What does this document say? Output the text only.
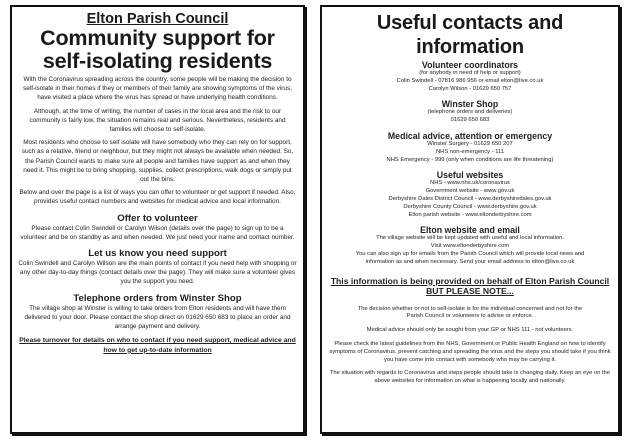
Elton Parish Council
Community support for
self-isolating residents

With the Coronavirus spreading across the country, some people will be making the decision to self-isolate in their homes if they or members of their family are showing symptoms of the virus, have visited a place where the virus has spread or have underlying health conditions.

Although, at the time of writing, the number of cases in the local area and the risk to our community is fairly low, the situation remains real and serious. Nevertheless, residents and families will choose to self-isolate.

Most residents who choose to self isolate will have somebody who they can rely on for support, such as a relative, friend or neighbour, but they might not always be available when needed. So, the Parish Council wants to make sure all people and families have support as and when they need it. This might be to bring shopping, supplies, collect prescriptions, walk dogs or simply put out the bins.

Below and over the page is a list of ways you can offer to volunteer or get support if needed. Also, provides useful contact numbers and websites for medical advice and local information.

Offer to volunteer

Please contact Colin Swindell or Carolyn Wilson (details over the page) to sign up to be a volunteer and be on standby as and when needed. We just need your name and contact number.

Let us know you need support

Colin Swindell and Carolyn Wilson are the main points of contact if you need help with shopping or any other day-to-day things (contact details over the page). They will make sure a volunteer gives you the support you need.

Telephone orders from Winster Shop

The village shop at Winster is willing to take orders from Elton residents and will have them delivered to your door. Please contact the shop direct on 01629 650 683 to place an order and arrange payment and delivery.

Please turnover for details on who to contact if you need support, medical advice and how to get up-to-date information
Useful contacts and information
Volunteer coordinators
(for anybody in need of help or support)
Colin Swindell - 07816 986 956 or email elton@live.co.uk
Carolyn Wilson - 01629 650 757
Winster Shop
(telephone orders and deliveries)
01629 650 683
Medical advice, attention or emergency
Winster Surgery - 01629 650 207
NHS non-emergency - 111
NHS Emergency - 999 (only when conditions are life threatening)
Useful websites
NHS - www.nhs.uk/coronavirus
Government website - www.gov.uk
Derbyshire Dales District Council - www.derbyshiredales.gov.uk
Derbyshire County Council - www.derbyshire.gov.uk
Elton parish website - www.eltonderbyshire.com
Elton website and email
The village website will be kept updated with useful and local information.
Visit www.eltonderbyshire.com
You can also sign up for emails from the Parish Council which will provide local news and
information as and when necessary. Send your email address to elton@live.co.uk
This information is being provided on behalf of Elton Parish Council
BUT PLEASE NOTE...

The decision whether or not to self-isolate is for the individual concerned and not for the Parish Council or volunteers to advise or enforce.

Medical advice should only be sought from your GP or NHS 111 - not volunteers.

Please check the latest guidelines from the NHS, Government or Public Health England on how to identify symptoms of Coronavirus, prevent catching and spreading the virus and the steps you should take if you think you have come into contact with somebody who may be carrying it.

The situation with regards to Coronavirus and steps people should take is changing daily. Keep an eye on the above websites for information on what is happening locally and nationally.
